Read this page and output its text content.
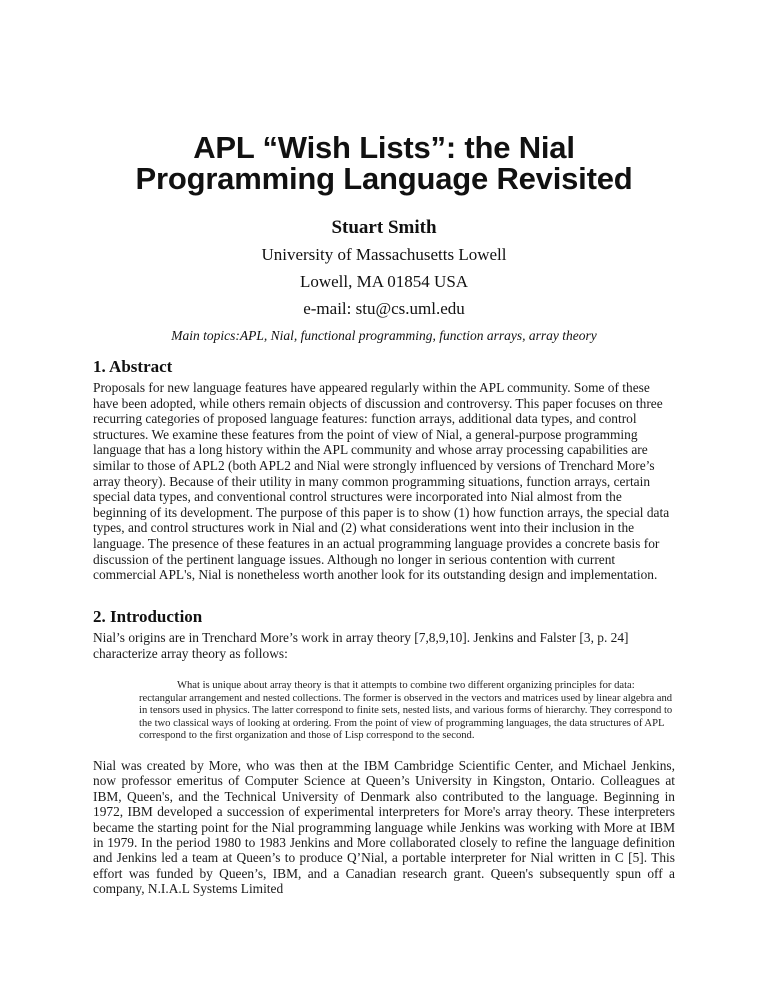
APL “Wish Lists”: the Nial
Programming Language Revisited
Stuart Smith
University of Massachusetts Lowell
Lowell, MA 01854 USA
e-mail: stu@cs.uml.edu
Main topics:APL, Nial, functional programming, function arrays, array theory
1. Abstract

Proposals for new language features have appeared regularly within the APL community. Some of these have been adopted, while others remain objects of discussion and controversy. This paper focuses on three recurring categories of proposed language features: function arrays, additional data types, and control structures. We examine these features from the point of view of Nial, a general-purpose programming language that has a long history within the APL community and whose array processing capabilities are similar to those of APL2 (both APL2 and Nial were strongly influenced by versions of Trenchard More’s array theory). Because of their utility in many common programming situations, function arrays, certain special data types, and conventional control structures were incorporated into Nial almost from the beginning of its development. The purpose of this paper is to show (1) how function arrays, the special data types, and control structures work in Nial and (2) what considerations went into their inclusion in the language. The presence of these features in an actual programming language provides a concrete basis for discussion of the pertinent language issues. Although no longer in serious contention with current commercial APL's, Nial is nonetheless worth another look for its outstanding design and implementation.

2. Introduction

Nial’s origins are in Trenchard More’s work in array theory [7,8,9,10]. Jenkins and Falster [3, p. 24] characterize array theory as follows:

What is unique about array theory is that it attempts to combine two different organizing principles for data: rectangular arrangement and nested collections. The former is observed in the vectors and matrices used by linear algebra and in tensors used in physics. The latter correspond to finite sets, nested lists, and various forms of hierarchy. They correspond to the two classical ways of looking at ordering. From the point of view of programming languages, the data structures of APL correspond to the first organization and those of Lisp correspond to the second.

Nial was created by More, who was then at the IBM Cambridge Scientific Center, and Michael Jenkins, now professor emeritus of Computer Science at Queen’s University in Kingston, Ontario. Colleagues at IBM, Queen's, and the Technical University of Denmark also contributed to the language. Beginning in 1972, IBM developed a succession of experimental interpreters for More's array theory. These interpreters became the starting point for the Nial programming language while Jenkins was working with More at IBM in 1979. In the period 1980 to 1983 Jenkins and More collaborated closely to refine the language definition and Jenkins led a team at Queen’s to produce Q’Nial, a portable interpreter for Nial written in C [5]. This effort was funded by Queen’s, IBM, and a Canadian research grant. Queen's subsequently spun off a company, N.I.A.L Systems Limited
